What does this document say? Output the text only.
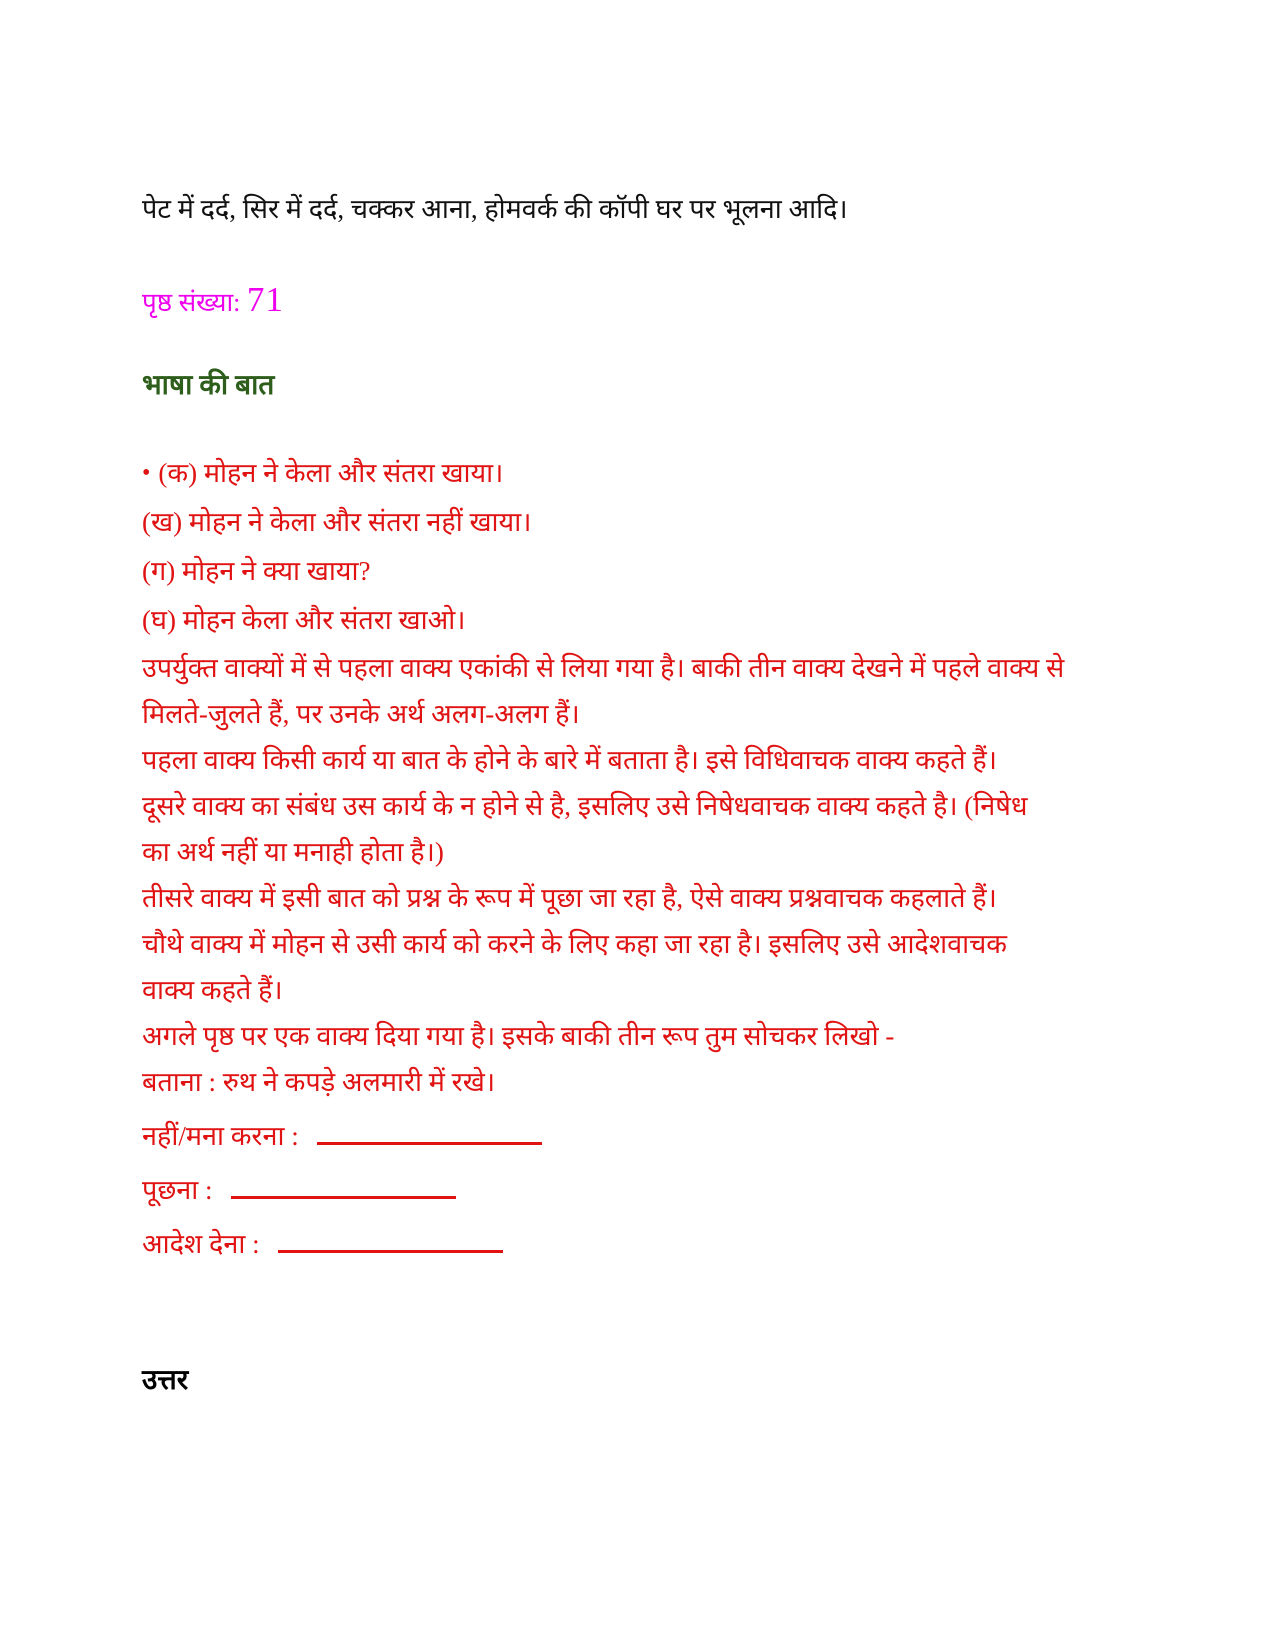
पेट में दर्द, सिर में दर्द, चक्कर आना, होमवर्क की कॉपी घर पर भूलना आदि।

पृष्ठ संख्या: 71

भाषा की बात

• (क) मोहन ने केला और संतरा खाया।

(ख) मोहन ने केला और संतरा नहीं खाया।

(ग) मोहन ने क्या खाया?

(घ) मोहन केला और संतरा खाओ।

उपर्युक्त वाक्यों में से पहला वाक्य एकांकी से लिया गया है। बाकी तीन वाक्य देखने में पहले वाक्य से

मिलते-जुलते हैं, पर उनके अर्थ अलग-अलग हैं।

पहला वाक्य किसी कार्य या बात के होने के बारे में बताता है। इसे विधिवाचक वाक्य कहते हैं।

दूसरे वाक्य का संबंध उस कार्य के न होने से है, इसलिए उसे निषेधवाचक वाक्य कहते है। (निषेध

का अर्थ नहीं या मनाही होता है।)

तीसरे वाक्य में इसी बात को प्रश्न के रूप में पूछा जा रहा है, ऐसे वाक्य प्रश्नवाचक कहलाते हैं।

चौथे वाक्य में मोहन से उसी कार्य को करने के लिए कहा जा रहा है। इसलिए उसे आदेशवाचक

वाक्य कहते हैं।

अगले पृष्ठ पर एक वाक्य दिया गया है। इसके बाकी तीन रूप तुम सोचकर लिखो -

बताना : रुथ ने कपड़े अलमारी में रखे।

नहीं/मना करना :

पूछना :

आदेश देना :

उत्तर
